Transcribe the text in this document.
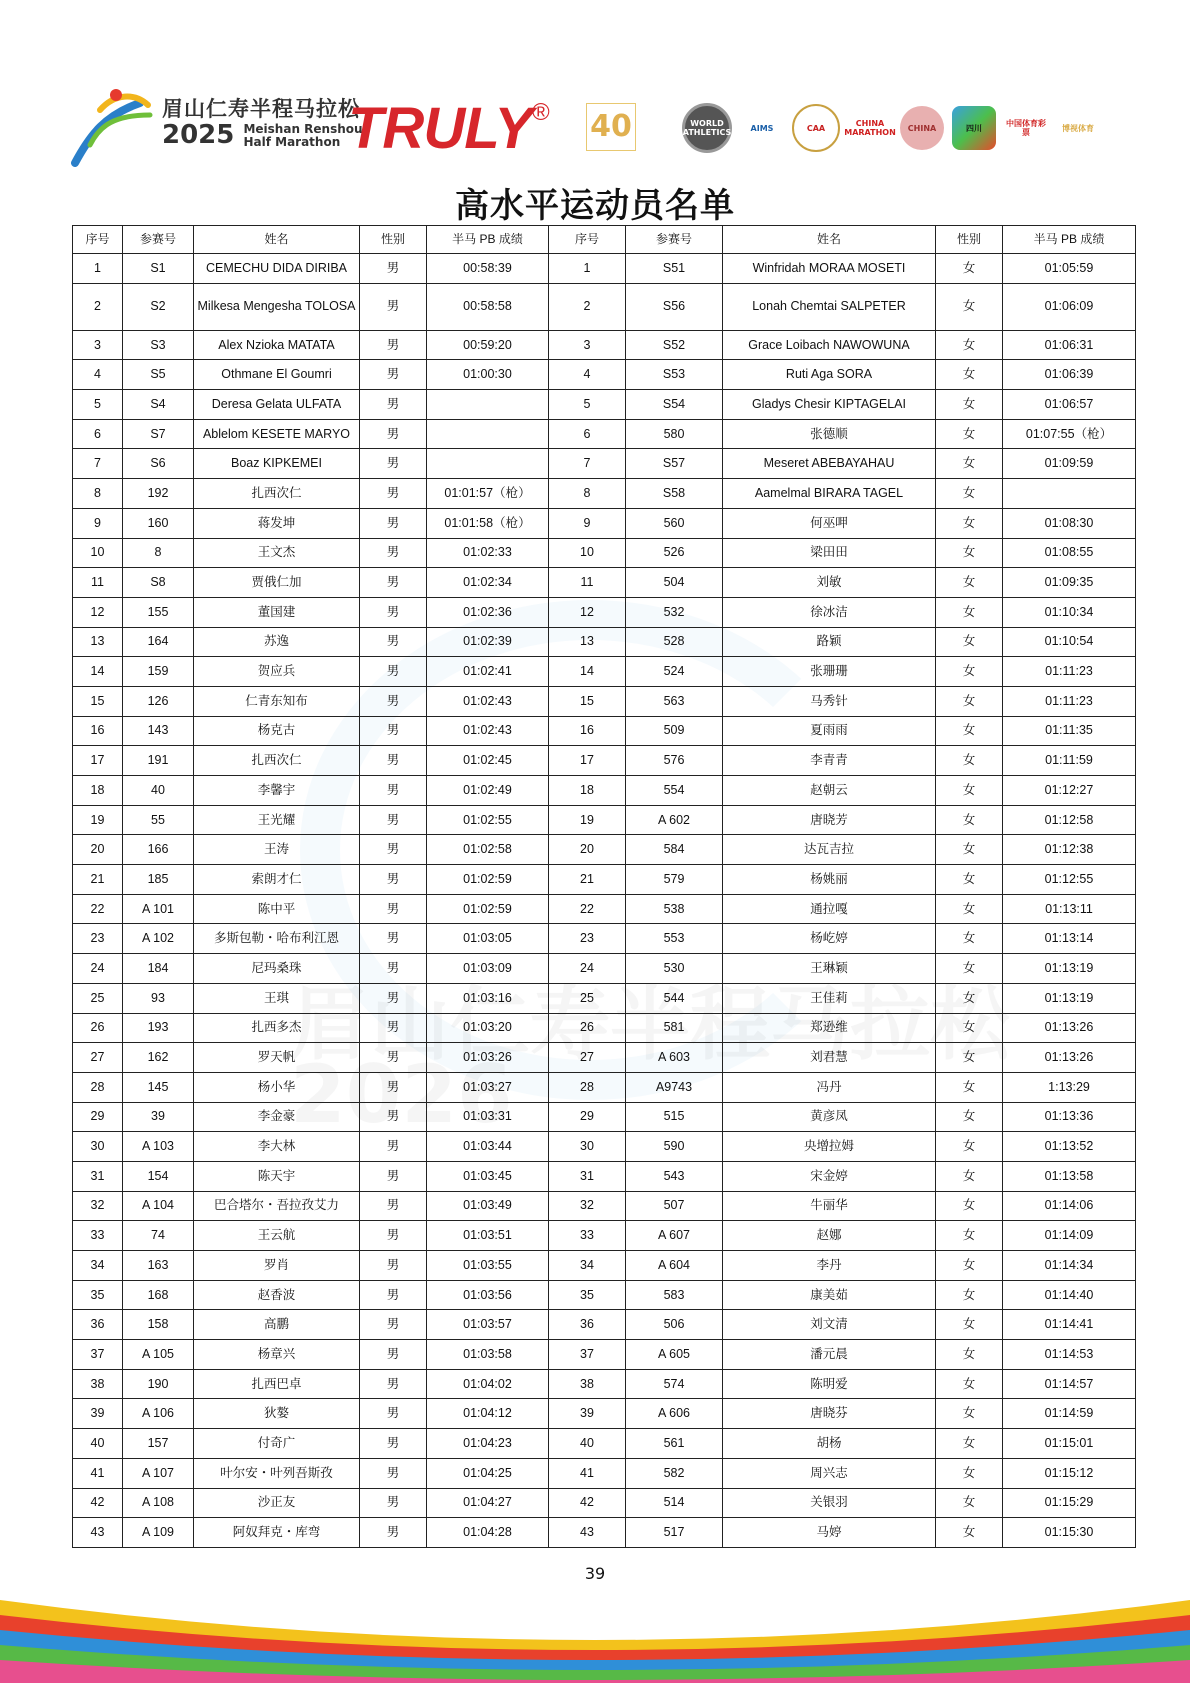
眉山仁寿半程马拉松
2025 Meishan Renshou
Half Marathon TRULY® 40	WORLD ATHLETICS	AIMS	CAA	CHINA MARATHON	CHINA	四川	中国体育彩票	博视体育
高水平运动员名单
序号	参赛号	姓名	性别	半马 PB 成绩	序号	参赛号	姓名	性别	半马 PB 成绩
1	S1	CEMECHU DIDA DIRIBA	男	00:58:39	1	S51	Winfridah MORAA MOSETI	女	01:05:59
2	S2	Milkesa Mengesha TOLOSA	男	00:58:58	2	S56	Lonah Chemtai SALPETER	女	01:06:09
3	S3	Alex Nzioka MATATA	男	00:59:20	3	S52	Grace Loibach NAWOWUNA	女	01:06:31
4	S5	Othmane El Goumri	男	01:00:30	4	S53	Ruti Aga SORA	女	01:06:39
5	S4	Deresa Gelata ULFATA	男		5	S54	Gladys Chesir KIPTAGELAI	女	01:06:57
6	S7	Ablelom KESETE MARYO	男		6	580	张德顺	女	01:07:55（枪）
7	S6	Boaz KIPKEMEI	男		7	S57	Meseret ABEBAYAHAU	女	01:09:59
8	192	扎西次仁	男	01:01:57（枪）	8	S58	Aamelmal BIRARA TAGEL	女	
9	160	蒋发坤	男	01:01:58（枪）	9	560	何巫呷	女	01:08:30
10	8	王文杰	男	01:02:33	10	526	梁田田	女	01:08:55
11	S8	贾俄仁加	男	01:02:34	11	504	刘敏	女	01:09:35
12	155	董国建	男	01:02:36	12	532	徐冰洁	女	01:10:34
13	164	苏逸	男	01:02:39	13	528	路颖	女	01:10:54
14	159	贺应兵	男	01:02:41	14	524	张珊珊	女	01:11:23
15	126	仁青东知布	男	01:02:43	15	563	马秀针	女	01:11:23
16	143	杨克古	男	01:02:43	16	509	夏雨雨	女	01:11:35
17	191	扎西次仁	男	01:02:45	17	576	李青青	女	01:11:59
18	40	李馨宇	男	01:02:49	18	554	赵朝云	女	01:12:27
19	55	王光耀	男	01:02:55	19	A 602	唐晓芳	女	01:12:58
20	166	王涛	男	01:02:58	20	584	达瓦吉拉	女	01:12:38
21	185	索朗才仁	男	01:02:59	21	579	杨姚丽	女	01:12:55
22	A 101	陈中平	男	01:02:59	22	538	通拉嘎	女	01:13:11
23	A 102	多斯包勒・哈布利江恩	男	01:03:05	23	553	杨屹婷	女	01:13:14
24	184	尼玛桑珠	男	01:03:09	24	530	王琳颖	女	01:13:19
25	93	王琪	男	01:03:16	25	544	王佳莉	女	01:13:19
26	193	扎西多杰	男	01:03:20	26	581	郑逊维	女	01:13:26
27	162	罗天帆	男	01:03:26	27	A 603	刘君慧	女	01:13:26
28	145	杨小华	男	01:03:27	28	A9743	冯丹	女	1:13:29
29	39	李金豪	男	01:03:31	29	515	黄彦凤	女	01:13:36
30	A 103	李大林	男	01:03:44	30	590	央增拉姆	女	01:13:52
31	154	陈天宇	男	01:03:45	31	543	宋金婷	女	01:13:58
32	A 104	巴合塔尔・吾拉孜艾力	男	01:03:49	32	507	牛丽华	女	01:14:06
33	74	王云航	男	01:03:51	33	A 607	赵娜	女	01:14:09
34	163	罗肖	男	01:03:55	34	A 604	李丹	女	01:14:34
35	168	赵香波	男	01:03:56	35	583	康美茹	女	01:14:40
36	158	高鹏	男	01:03:57	36	506	刘文清	女	01:14:41
37	A 105	杨章兴	男	01:03:58	37	A 605	潘元晨	女	01:14:53
38	190	扎西巴卓	男	01:04:02	38	574	陈明爱	女	01:14:57
39	A 106	狄嫯	男	01:04:12	39	A 606	唐晓芬	女	01:14:59
40	157	付奇广	男	01:04:23	40	561	胡杨	女	01:15:01
41	A 107	叶尔安・叶列吾斯孜	男	01:04:25	41	582	周兴志	女	01:15:12
42	A 108	沙正友	男	01:04:27	42	514	关银羽	女	01:15:29
43	A 109	阿奴拜克・库弯	男	01:04:28	43	517	马婷	女	01:15:30
39
